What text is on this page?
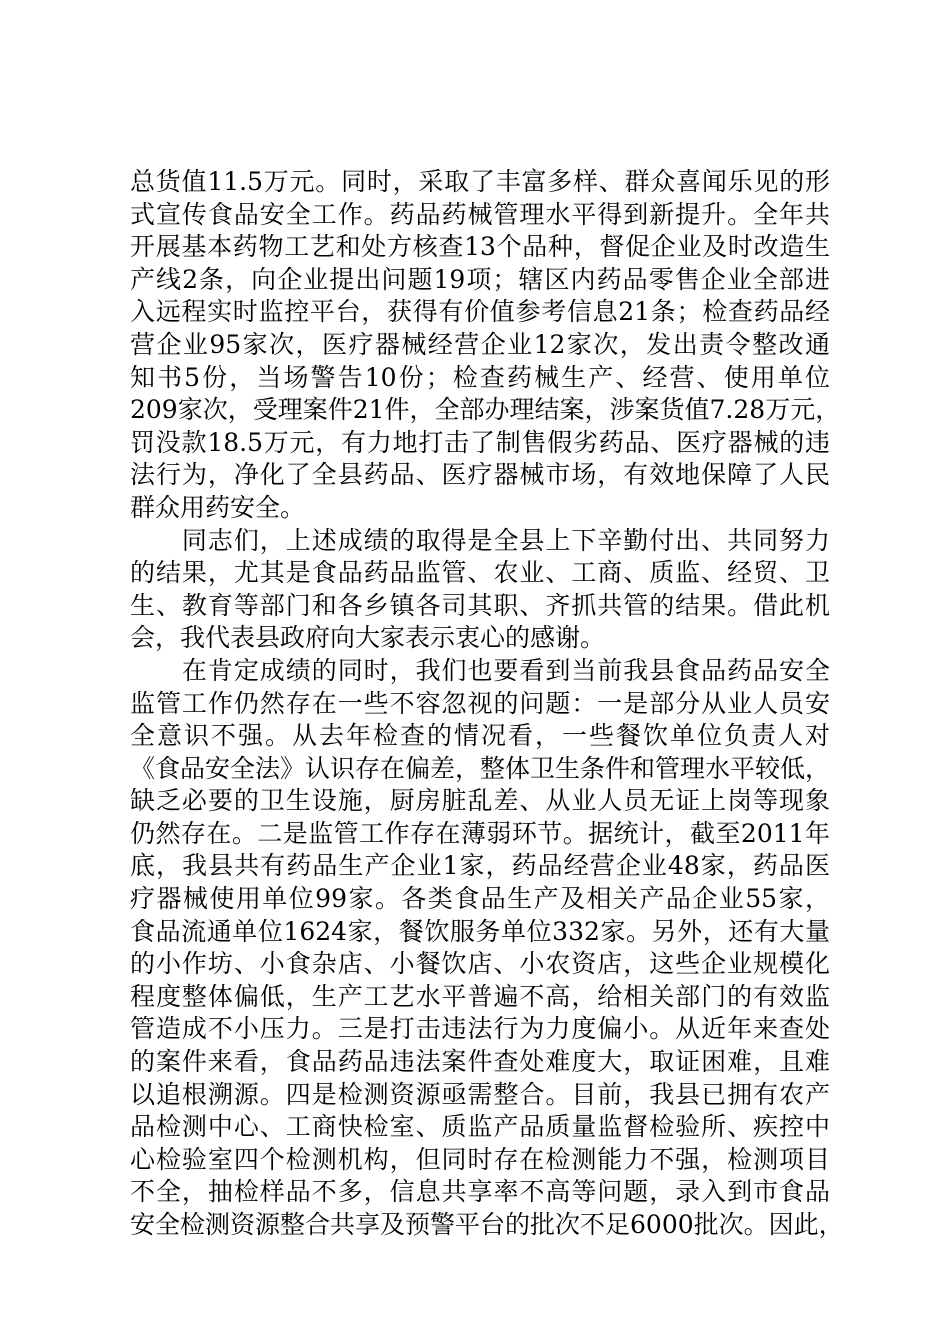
总货值11.5万元。同时，采取了丰富多样、群众喜闻乐见的形
式宣传食品安全工作。药品药械管理水平得到新提升。全年共
开展基本药物工艺和处方核查13个品种，督促企业及时改造生
产线2条，向企业提出问题19项；辖区内药品零售企业全部进
入远程实时监控平台，获得有价值参考信息21条；检查药品经
营企业95家次，医疗器械经营企业12家次，发出责令整改通
知书5份，当场警告10份；检查药械生产、经营、使用单位
209家次，受理案件21件，全部办理结案，涉案货值7.28万元，
罚没款18.5万元，有力地打击了制售假劣药品、医疗器械的违
法行为，净化了全县药品、医疗器械市场，有效地保障了人民
群众用药安全。
　　同志们，上述成绩的取得是全县上下辛勤付出、共同努力
的结果，尤其是食品药品监管、农业、工商、质监、经贸、卫
生、教育等部门和各乡镇各司其职、齐抓共管的结果。借此机
会，我代表县政府向大家表示衷心的感谢。
　　在肯定成绩的同时，我们也要看到当前我县食品药品安全
监管工作仍然存在一些不容忽视的问题：一是部分从业人员安
全意识不强。从去年检查的情况看，一些餐饮单位负责人对
《食品安全法》认识存在偏差，整体卫生条件和管理水平较低，
缺乏必要的卫生设施，厨房脏乱差、从业人员无证上岗等现象
仍然存在。二是监管工作存在薄弱环节。据统计，截至2011年
底，我县共有药品生产企业1家，药品经营企业48家，药品医
疗器械使用单位99家。各类食品生产及相关产品企业55家，
食品流通单位1624家，餐饮服务单位332家。另外，还有大量
的小作坊、小食杂店、小餐饮店、小农资店，这些企业规模化
程度整体偏低，生产工艺水平普遍不高，给相关部门的有效监
管造成不小压力。三是打击违法行为力度偏小。从近年来查处
的案件来看，食品药品违法案件查处难度大，取证困难，且难
以追根溯源。四是检测资源亟需整合。目前，我县已拥有农产
品检测中心、工商快检室、质监产品质量监督检验所、疾控中
心检验室四个检测机构，但同时存在检测能力不强，检测项目
不全，抽检样品不多，信息共享率不高等问题，录入到市食品
安全检测资源整合共享及预警平台的批次不足6000批次。因此，
